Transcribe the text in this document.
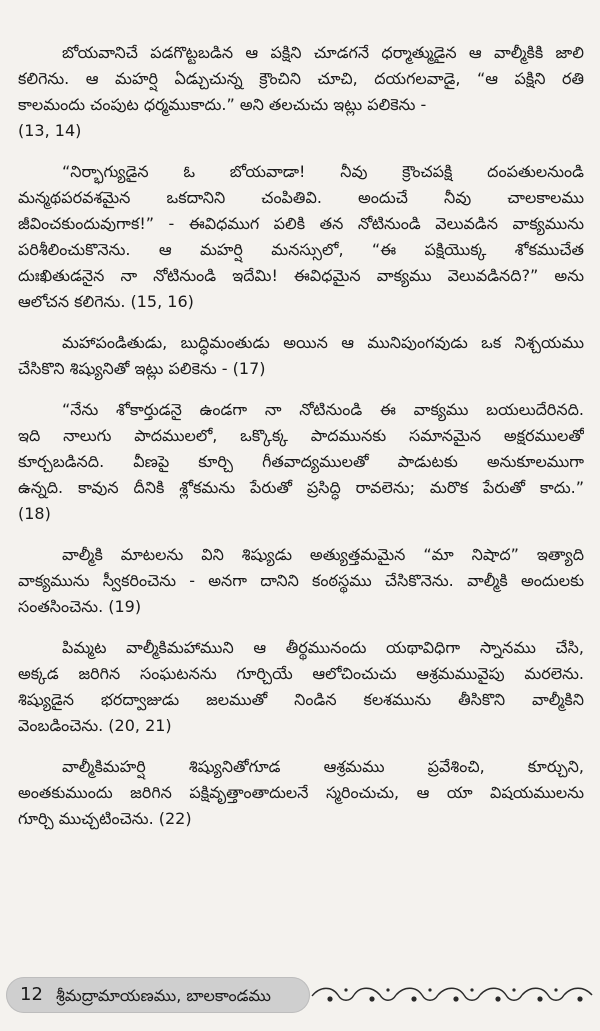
బోయవానిచే పడగొట్టబడిన ఆ పక్షిని చూడగనే ధర్మాత్ముడైన ఆ వాల్మీకికి జాలి
కలిగెను. ఆ మహర్షి ఏడ్చుచున్న క్రౌంచిని చూచి, దయగలవాడై, “ఆ పక్షిని రతి
కాలమందు చంపుట ధర్మముకాదు.” అని తలచుచు ఇట్లు పలికెను -
(13, 14)
“నిర్భాగ్యుడైన ఓ బోయవాడా! నీవు క్రౌంచపక్షి దంపతులనుండి
మన్మథపరవశమైన ఒకదానిని చంపితివి. అందుచే నీవు చాలకాలము
జీవించకుందువుగాక!” - ఈవిధముగ పలికి తన నోటినుండి వెలువడిన వాక్యమును
పరిశీలించుకొనెను. ఆ మహర్షి మనస్సులో, “ఈ పక్షియొక్క శోకముచేత
దుఃఖితుడనైన నా నోటినుండి ఇదేమి! ఈవిధమైన వాక్యము వెలువడినది?” అను
ఆలోచన కలిగెను. (15, 16)
మహాపండితుడు, బుద్ధిమంతుడు అయిన ఆ మునిపుంగవుడు ఒక నిశ్చయము
చేసికొని శిష్యునితో ఇట్లు పలికెను - (17)
“నేను శోకార్తుడనై ఉండగా నా నోటినుండి ఈ వాక్యము బయలుదేరినది.
ఇది నాలుగు పాదములలో, ఒక్కొక్క పాదమునకు సమానమైన అక్షరములతో
కూర్చబడినది. వీణపై కూర్చి గీతవాద్యములతో పాడుటకు అనుకూలముగా
ఉన్నది. కావున దీనికి శ్లోకమను పేరుతో ప్రసిద్ధి రావలెను; మరొక పేరుతో కాదు.”
(18)
వాల్మీకి మాటలను విని శిష్యుడు అత్యుత్తమమైన “మా నిషాద” ఇత్యాది
వాక్యమును స్వీకరించెను - అనగా దానిని కంఠస్థము చేసికొనెను. వాల్మీకి అందులకు
సంతసించెను. (19)
పిమ్మట వాల్మీకిమహాముని ఆ తీర్థమునందు యథావిధిగా స్నానము చేసి,
అక్కడ జరిగిన సంఘటనను గూర్చియే ఆలోచించుచు ఆశ్రమమువైపు మరలెను.
శిష్యుడైన భరద్వాజుడు జలముతో నిండిన కలశమును తీసికొని వాల్మీకిని
వెంబడించెను. (20, 21)
వాల్మీకిమహర్షి శిష్యునితోగూడ ఆశ్రమము ప్రవేశించి, కూర్చుని,
అంతకుముందు జరిగిన పక్షివృత్తాంతాదులనే స్మరించుచు, ఆ యా విషయములను
గూర్చి ముచ్చటించెను. (22)
12 శ్రీమద్రామాయణము, బాలకాండము
